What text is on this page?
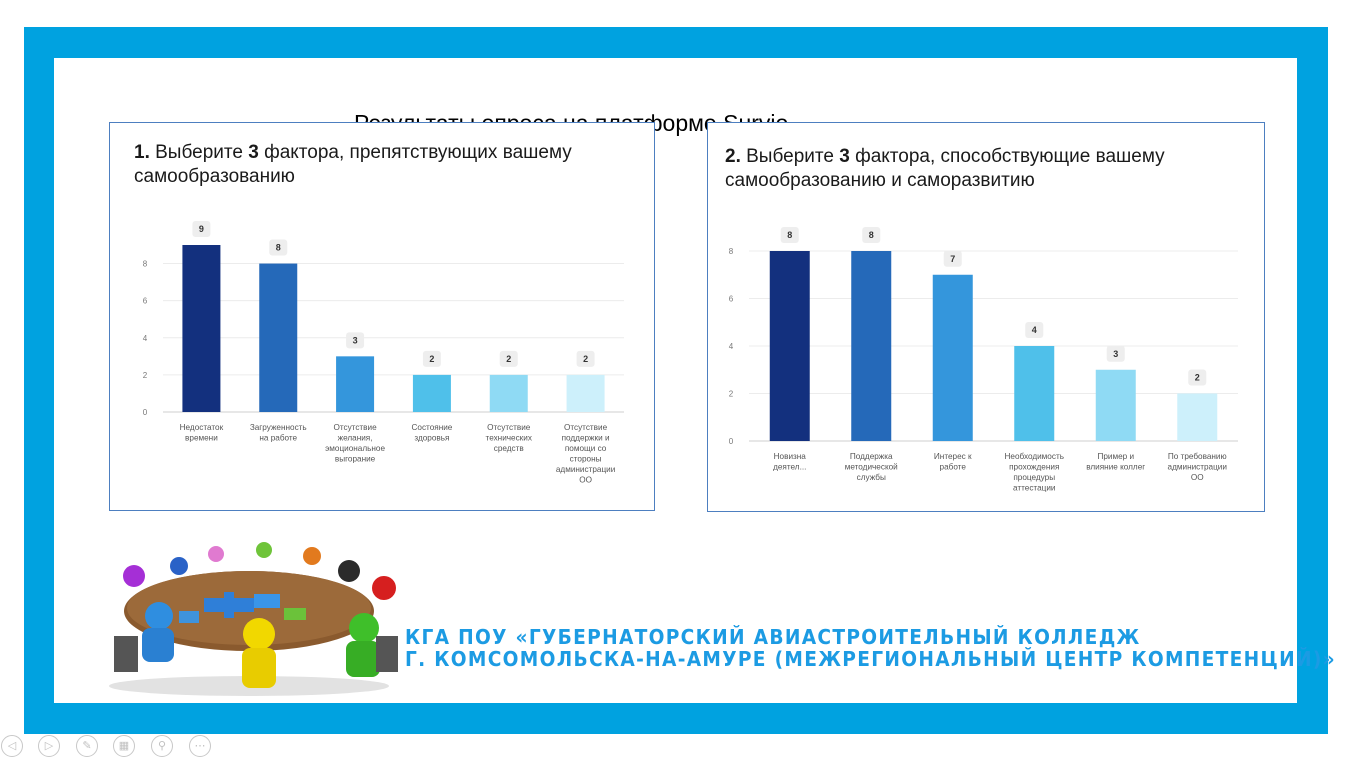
платформе
1. Выберите 3 фактора, препятствующих вашему самообразованию
0
2
4
6
8
9
Недостаток
времени
8
Загруженность
на работе
3
Отсутствие
желания,
эмоциональное
выгорание
2
Состояние
здоровья
2
Отсутствие
технических
средств
2
Отсутствие
поддержки и
помощи со
стороны
администрации
ОО
2. Выберите 3 фактора, способствующие вашему самообразованию и саморазвитию
0
2
4
6
8
8
Новизна
деятел...
8
Поддержка
методической
службы
7
Интерес к
работе
4
Необходимость
прохождения
процедуры
аттестации
3
Пример и
влияние коллег
2
По требованию
администрации
ОО
КГА ПОУ «ГУБЕРНАТОРСКИЙ АВИАСТРОИТЕЛЬНЫЙ КОЛЛЕДЖ
Г. КОМСОМОЛЬСКА-НА-АМУРЕ (МЕЖРЕГИОНАЛЬНЫЙ ЦЕНТР КОМПЕТЕНЦИЙ)»
◁	▷	✎	▦	⚲	⋯
